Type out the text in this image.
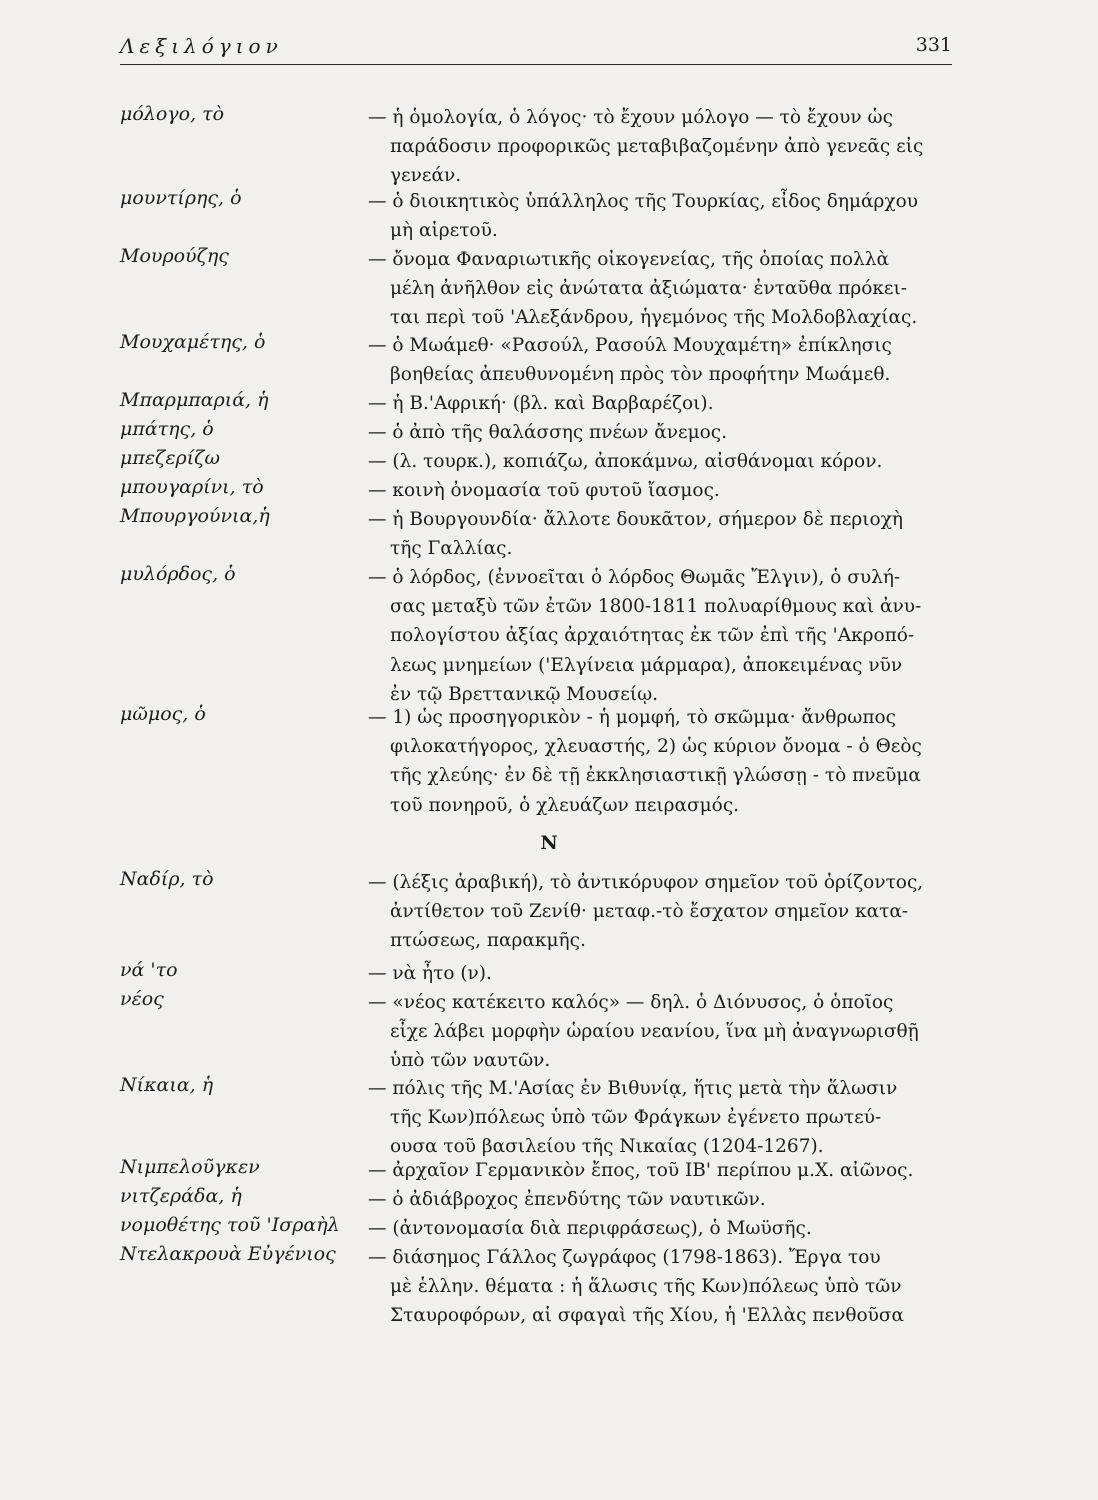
Λεξιλόγιον	331
μόλογο, τὸ	— ἡ ὁμολογία, ὁ λόγος· τὸ ἔχουν μόλογο — τὸ ἔχουν ὡς
παράδοσιν προφορικῶς μεταβιβαζομένην ἀπὸ γενεᾶς εἰς
γενεάν.
μουντίρης, ὁ	— ὁ διοικητικὸς ὑπάλληλος τῆς Τουρκίας, εἶδος δημάρχου
μὴ αἱρετοῦ.
Μουρούζης	— ὄνομα Φαναριωτικῆς οἰκογενείας, τῆς ὁποίας πολλὰ
μέλη ἀνῆλθον εἰς ἀνώτατα ἀξιώματα· ἐνταῦθα πρόκει-
ται περὶ τοῦ 'Αλεξάνδρου, ἡγεμόνος τῆς Μολδοβλαχίας.
Μουχαμέτης, ὁ	— ὁ Μωάμεθ· «Ρασούλ, Ρασούλ Μουχαμέτη» ἐπίκλησις
βοηθείας ἀπευθυνομένη πρὸς τὸν προφήτην Μωάμεθ.
Μπαρμπαριά, ἡ	— ἡ Β.'Αφρική· (βλ. καὶ Βαρβαρέζοι).
μπάτης, ὁ	— ὁ ἀπὸ τῆς θαλάσσης πνέων ἄνεμος.
μπεζερίζω	— (λ. τουρκ.), κοπιάζω, ἀποκάμνω, αἰσθάνομαι κόρον.
μπουγαρίνι, τὸ	— κοινὴ ὀνομασία τοῦ φυτοῦ ἴασμος.
Μπουργούνια,ἡ	— ἡ Βουργουνδία· ἄλλοτε δουκᾶτον, σήμερον δὲ περιοχὴ
τῆς Γαλλίας.
μυλόρδος, ὁ	— ὁ λόρδος, (ἐννοεῖται ὁ λόρδος Θωμᾶς Ἔλγιν), ὁ συλή-
σας μεταξὺ τῶν ἐτῶν 1800-1811 πολυαρίθμους καὶ ἀνυ-
πολογίστου ἀξίας ἀρχαιότητας ἐκ τῶν ἐπὶ τῆς 'Ακροπό-
λεως μνημείων ('Ελγίνεια μάρμαρα), ἀποκειμένας νῦν
ἐν τῷ Βρεττανικῷ Μουσείῳ.
μῶμος, ὁ	— 1) ὡς προσηγορικὸν - ἡ μομφή, τὸ σκῶμμα· ἄνθρωπος
φιλοκατήγορος, χλευαστής, 2) ὡς κύριον ὄνομα - ὁ Θεὸς
τῆς χλεύης· ἐν δὲ τῇ ἐκκλησιαστικῇ γλώσσῃ - τὸ πνεῦμα
τοῦ πονηροῦ, ὁ χλευάζων πειρασμός.
Ναδίρ, τὸ	— (λέξις ἀραβική), τὸ ἀντικόρυφον σημεῖον τοῦ ὁρίζοντος,
ἀντίθετον τοῦ Ζενίθ· μεταφ.-τὸ ἔσχατον σημεῖον κατα-
πτώσεως, παρακμῆς.
νά 'το	— νὰ ἦτο (ν).
νέος	— «νέος κατέκειτο καλός» — δηλ. ὁ Διόνυσος, ὁ ὁποῖος
εἶχε λάβει μορφὴν ὡραίου νεανίου, ἵνα μὴ ἀναγνωρισθῇ
ὑπὸ τῶν ναυτῶν.
Νίκαια, ἡ	— πόλις τῆς Μ.'Ασίας ἐν Βιθυνίᾳ, ἥτις μετὰ τὴν ἅλωσιν
τῆς Κων)πόλεως ὑπὸ τῶν Φράγκων ἐγένετο πρωτεύ-
ουσα τοῦ βασιλείου τῆς Νικαίας (1204-1267).
Νιμπελοῦγκεν	— ἀρχαῖον Γερμανικὸν ἔπος, τοῦ ΙΒ' περίπου μ.Χ. αἰῶνος.
νιτζεράδα, ἡ	— ὁ ἀδιάβροχος ἐπενδύτης τῶν ναυτικῶν.
νομοθέτης τοῦ 'Ισραὴλ	— (ἀντονομασία διὰ περιφράσεως), ὁ Μωϋσῆς.
Ντελακρουὰ Εὐγένιος	— διάσημος Γάλλος ζωγράφος (1798-1863). Ἔργα του
μὲ ἑλλην. θέματα : ἡ ἅλωσις τῆς Κων)πόλεως ὑπὸ τῶν
Σταυροφόρων, αἱ σφαγαὶ τῆς Χίου, ἡ 'Ελλὰς πενθοῦσα
Ν
